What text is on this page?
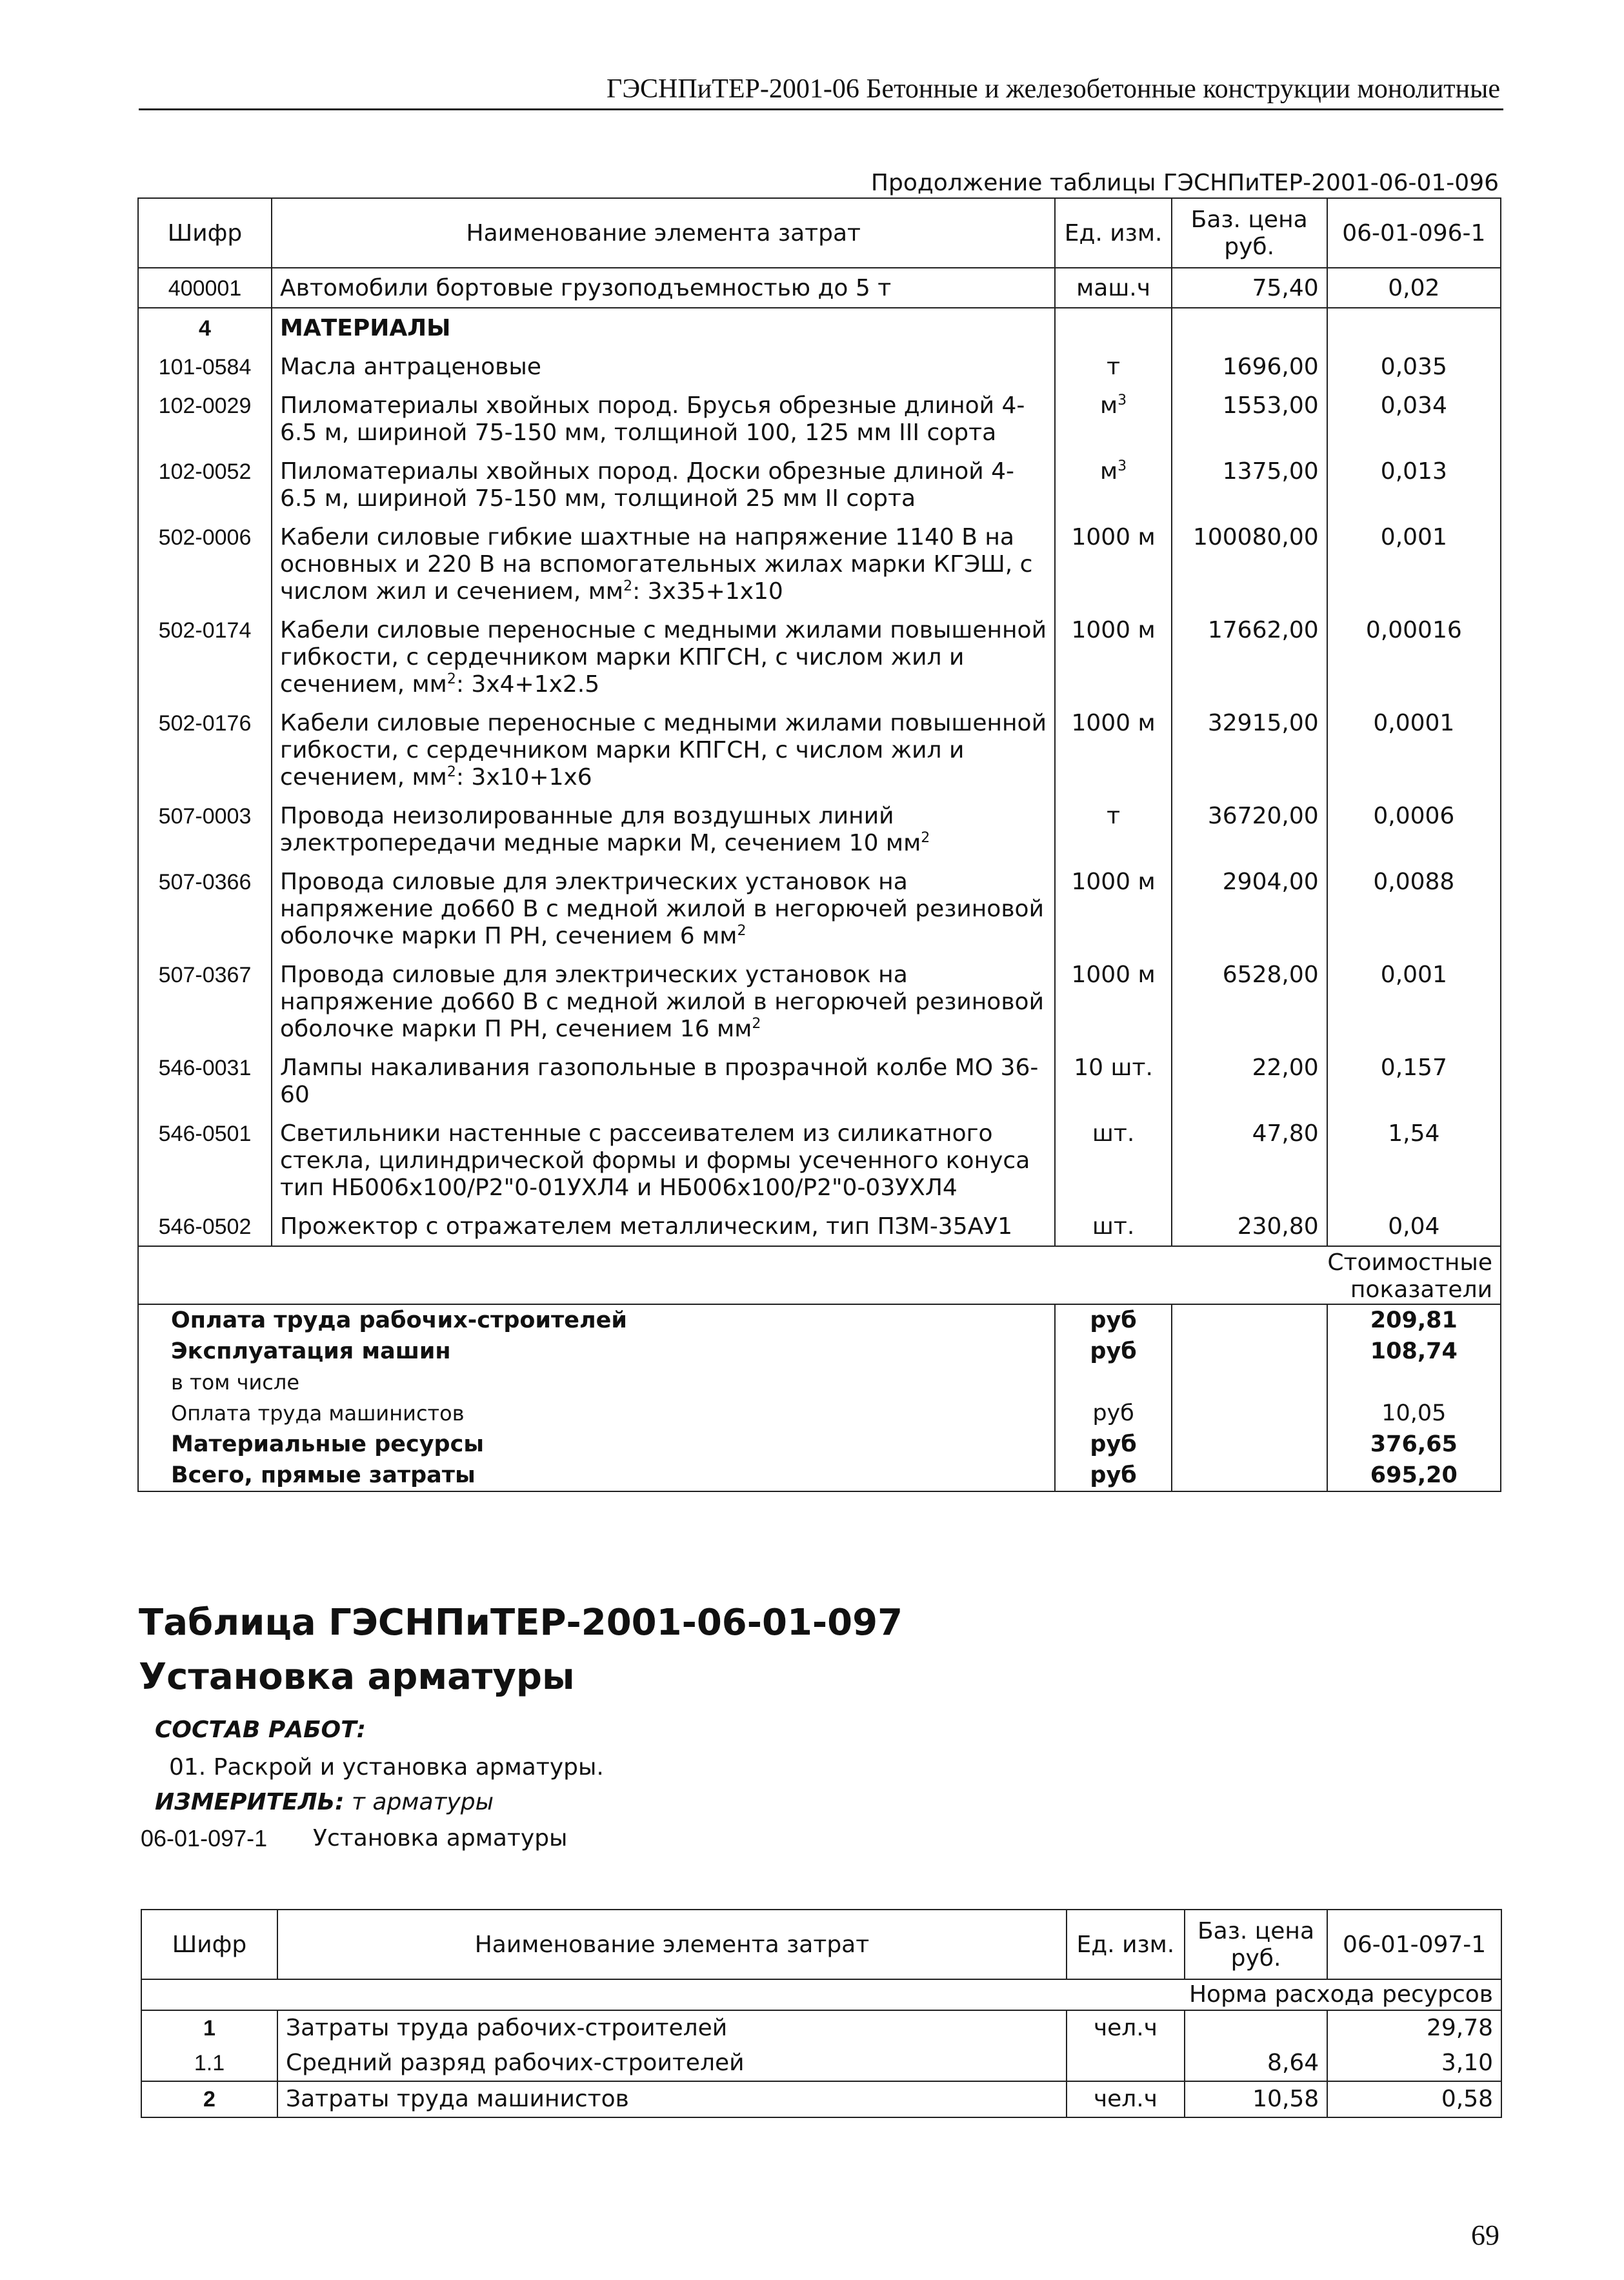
ГЭСНПиТЕР-2001-06 Бетонные и железобетонные конструкции монолитные
Продолжение таблицы ГЭСНПиТЕР-2001-06-01-096
Шифр	Наименование элемента затрат	Ед. изм.	Баз. цена руб.	06-01-096-1
400001	Автомобили бортовые грузоподъемностью до 5 т	маш.ч	75,40	0,02
4	МАТЕРИАЛЫ			
101-0584	Масла антраценовые	т	1696,00	0,035
102-0029	Пиломатериалы хвойных пород. Брусья обрезные длиной 4-6.5 м, шириной 75-150 мм, толщиной 100, 125 мм III сорта	$м^3$	1553,00	0,034
102-0052	Пиломатериалы хвойных пород. Доски обрезные длиной 4-6.5 м, шириной 75-150 мм, толщиной 25 мм II сорта	$м^3$	1375,00	0,013
502-0006	Кабели силовые гибкие шахтные на напряжение 1140 В на основных и 220 В на вспомогательных жилах марки КГЭШ, с числом жил и сечением, $мм^2$: 3х35+1х10	1000 м	100080,00	0,001
502-0174	Кабели силовые переносные с медными жилами повышенной гибкости, с сердечником марки КПГСН, с числом жил и сечением, $мм^2$: 3х4+1х2.5	1000 м	17662,00	0,00016
502-0176	Кабели силовые переносные с медными жилами повышенной гибкости, с сердечником марки КПГСН, с числом жил и сечением, $мм^2$: 3х10+1х6	1000 м	32915,00	0,0001
507-0003	Провода неизолированные для воздушных линий электропередачи медные марки М, сечением 10 $мм^2$	т	36720,00	0,0006
507-0366	Провода силовые для электрических установок на напряжение до660 В с медной жилой в негорючей резиновой оболочке марки П РН, сечением 6 $мм^2$	1000 м	2904,00	0,0088
507-0367	Провода силовые для электрических установок на напряжение до660 В с медной жилой в негорючей резиновой оболочке марки П РН, сечением 16 $мм^2$	1000 м	6528,00	0,001
546-0031	Лампы накаливания газопольные в прозрачной колбе МО 36-60	10 шт.	22,00	0,157
546-0501	Светильники настенные с рассеивателем из силикатного стекла, цилиндрической формы и формы усеченного конуса тип НБ006х100/Р2"0-01УХЛ4 и НБ006х100/Р2"0-03УХЛ4	шт.	47,80	1,54
546-0502	Прожектор с отражателем металлическим, тип ПЗМ-35АУ1	шт.	230,80	0,04
			Стоимостные показатели	
Оплата труда рабочих-строителей		руб		209,81
Эксплуатация машин		руб		108,74
в том числе				
Оплата труда машинистов		руб		10,05
Материальные ресурсы		руб		376,65
Всего, прямые затраты		руб		695,20
Таблица ГЭСНПиТЕР-2001-06-01-097
Установка арматуры
СОСТАВ РАБОТ:
01. Раскрой и установка арматуры.
ИЗМЕРИТЕЛЬ: т арматуры
06-01-097-1 Установка арматуры
Шифр	Наименование элемента затрат	Ед. изм.	Баз. цена руб.	06-01-097-1
Норма расхода ресурсов				
1	Затраты труда рабочих-строителей	чел.ч		29,78
1.1	Средний разряд рабочих-строителей		8,64	3,10
2	Затраты труда машинистов	чел.ч	10,58	0,58
69
